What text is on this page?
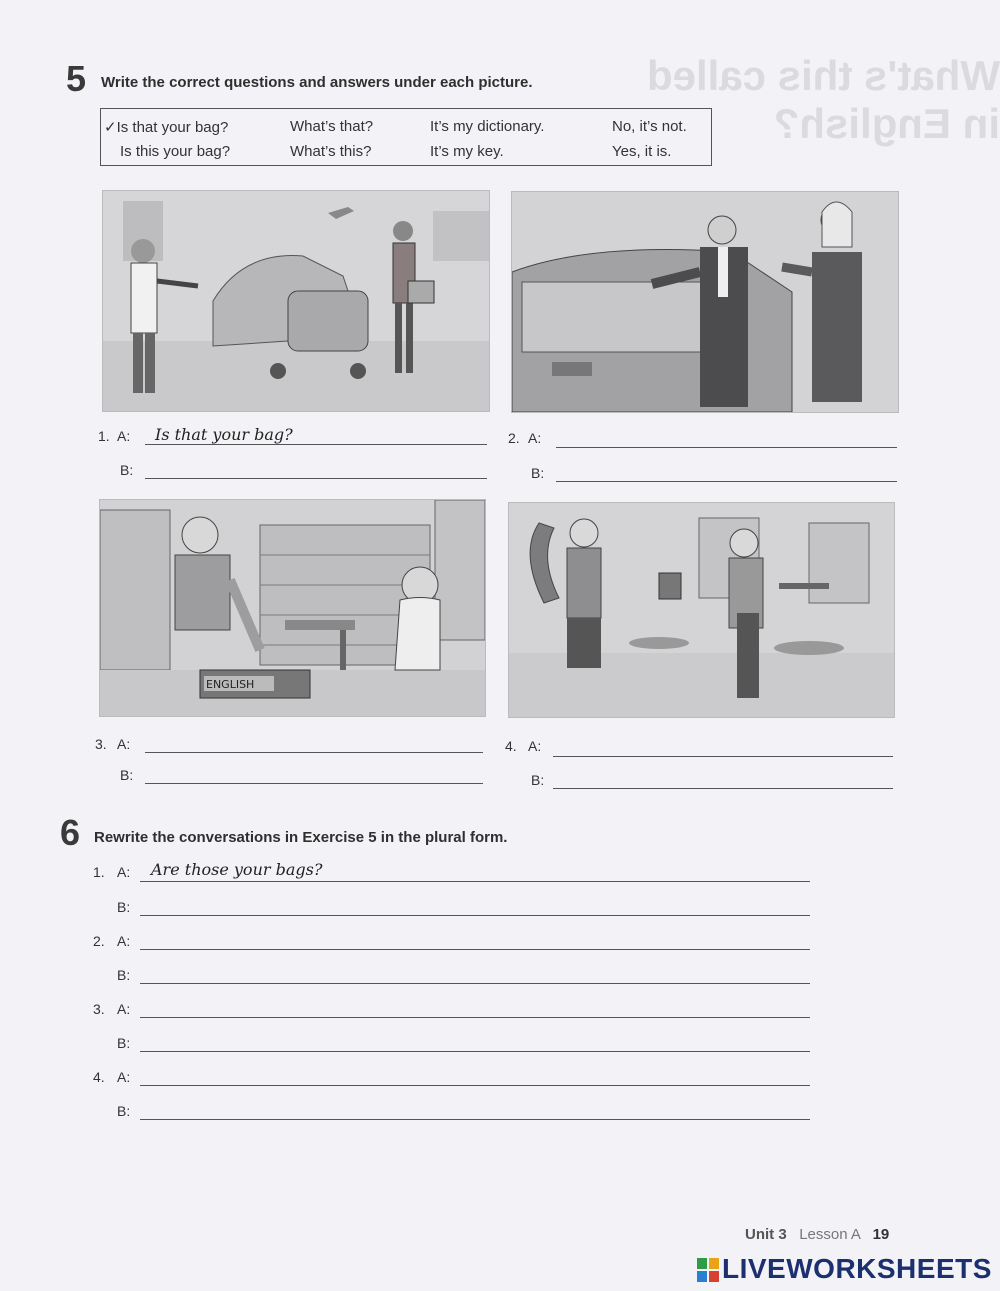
What's this called in English?
5 Write the correct questions and answers under each picture.
✓Is that your bag?	What’s that?	It’s my dictionary.	No, it’s not.
Is this your bag?	What’s this?	It’s my key.	Yes, it is.
1. A: Is that your bag?
B:
2. A:
B:
ENGLISH
3. A:
B:
4. A:
B:
6 Rewrite the conversations in Exercise 5 in the plural form.
1. A: Are those your bags?
B:
2. A:
B:
3. A:
B:
4. A:
B:
Unit 3 Lesson A 19
LIVEWORKSHEETS
